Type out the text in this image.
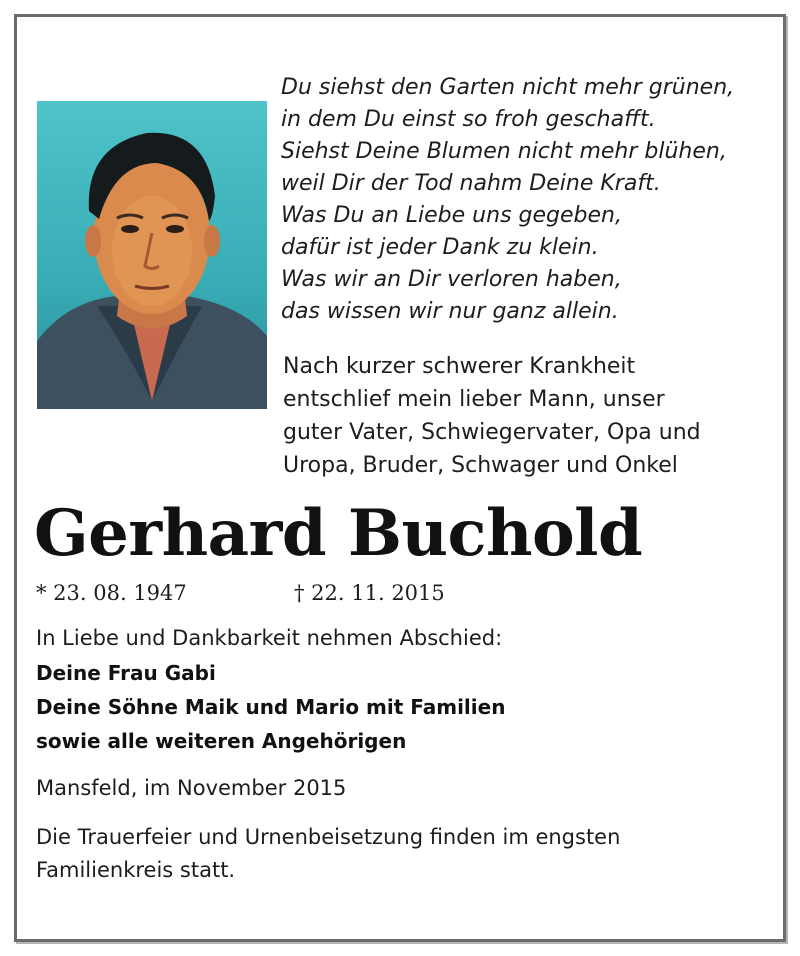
Du siehst den Garten nicht mehr grünen,
in dem Du einst so froh geschafft.
Siehst Deine Blumen nicht mehr blühen,
weil Dir der Tod nahm Deine Kraft.
Was Du an Liebe uns gegeben,
dafür ist jeder Dank zu klein.
Was wir an Dir verloren haben,
das wissen wir nur ganz allein.
Nach kurzer schwerer Krankheit
entschlief mein lieber Mann, unser
guter Vater, Schwiegervater, Opa und
Uropa, Bruder, Schwager und Onkel
Gerhard Buchold
* 23. 08. 1947	† 22. 11. 2015
In Liebe und Dankbarkeit nehmen Abschied:
Deine Frau Gabi
Deine Söhne Maik und Mario mit Familien
sowie alle weiteren Angehörigen
Mansfeld, im November 2015
Die Trauerfeier und Urnenbeisetzung finden im engsten
Familienkreis statt.
